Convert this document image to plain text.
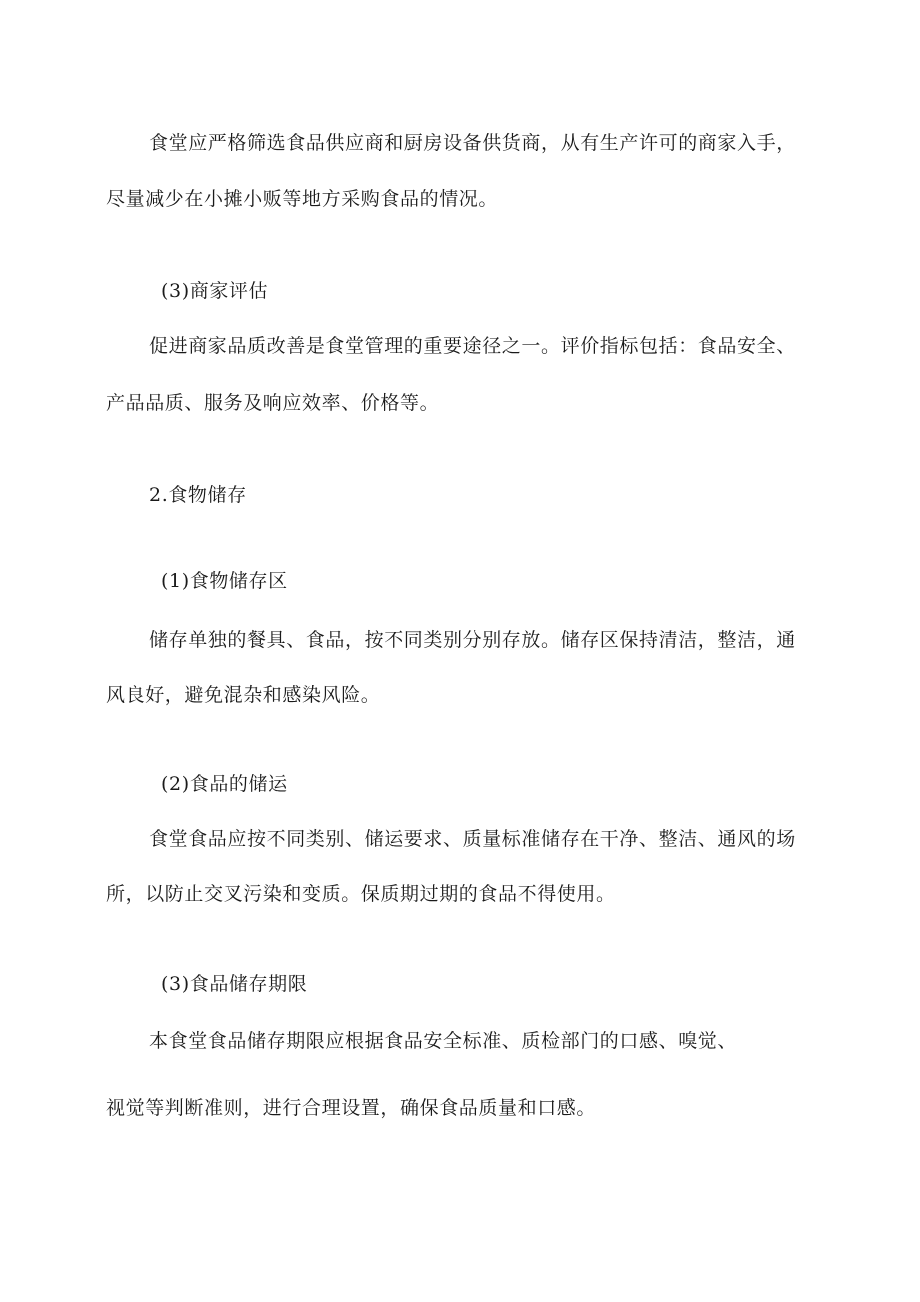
食堂应严格筛选食品供应商和厨房设备供货商，从有生产许可的商家入手，
尽量减少在小摊小贩等地方采购食品的情况。
(3)商家评估
促进商家品质改善是食堂管理的重要途径之一。评价指标包括：食品安全、
产品品质、服务及响应效率、价格等。
2.食物储存
(1)食物储存区
储存单独的餐具、食品，按不同类别分别存放。储存区保持清洁，整洁，通
风良好，避免混杂和感染风险。
(2)食品的储运
食堂食品应按不同类别、储运要求、质量标准储存在干净、整洁、通风的场
所，以防止交叉污染和变质。保质期过期的食品不得使用。
(3)食品储存期限
本食堂食品储存期限应根据食品安全标准、质检部门的口感、嗅觉、
视觉等判断准则，进行合理设置，确保食品质量和口感。
